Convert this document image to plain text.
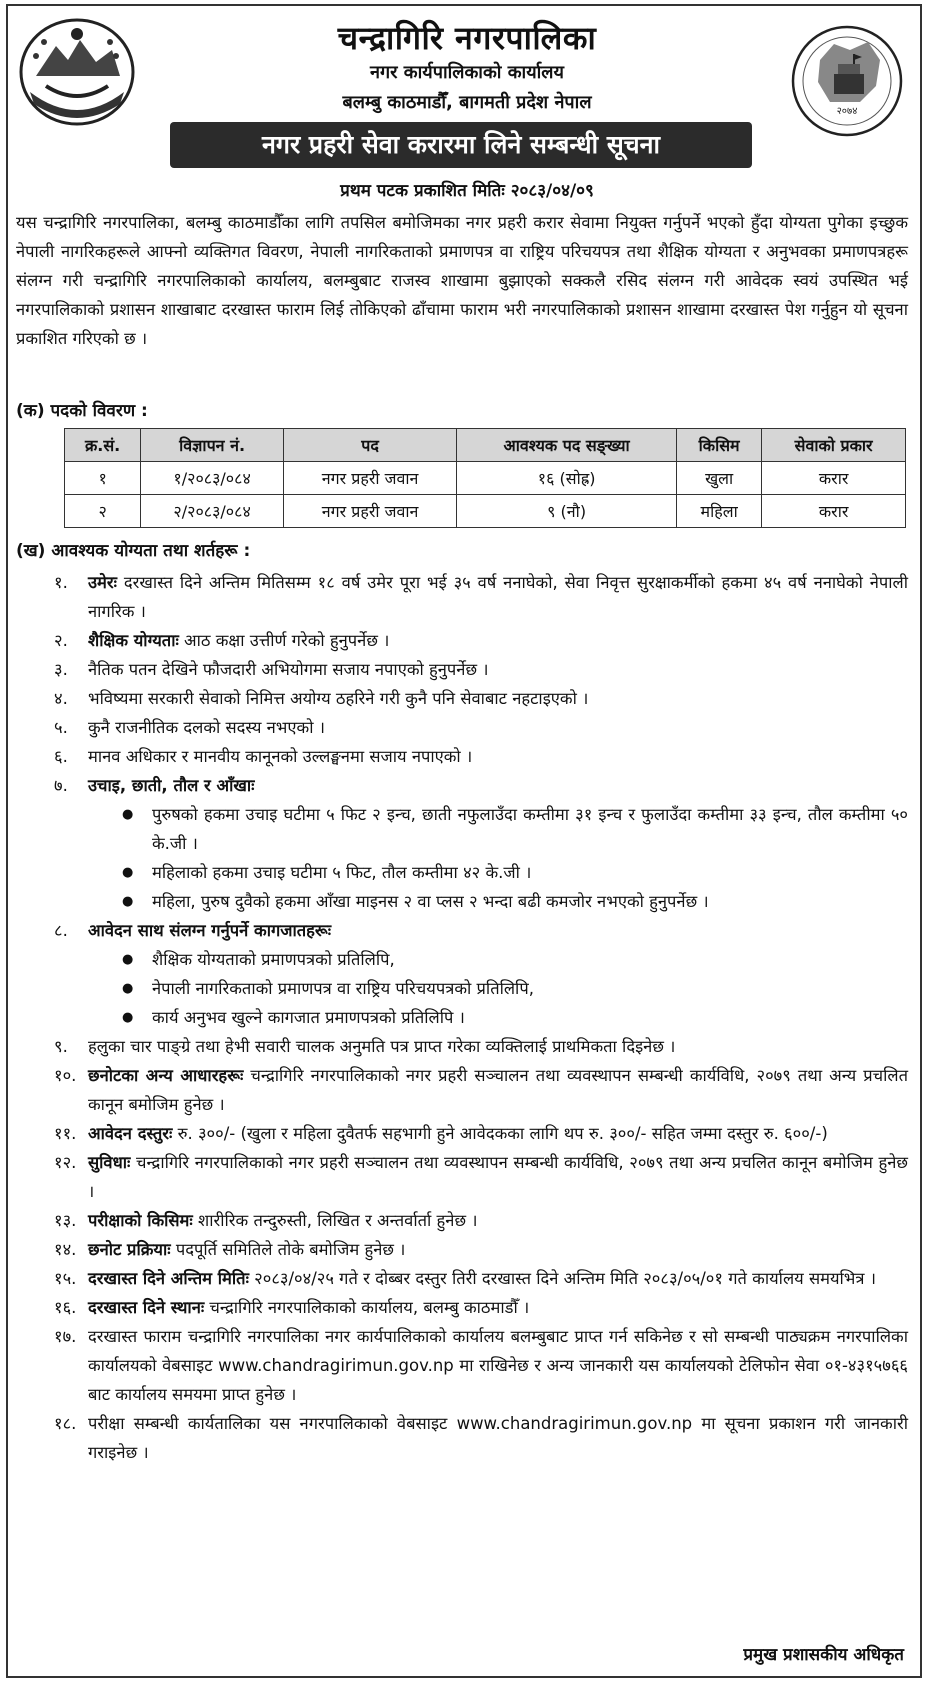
२०७४
चन्द्रागिरि नगरपालिका
नगर कार्यपालिकाको कार्यालय
बलम्बु काठमाडौँ, बागमती प्रदेश नेपाल
नगर प्रहरी सेवा करारमा लिने सम्बन्धी सूचना
प्रथम पटक प्रकाशित मितिः २०८३/०४/०९
यस चन्द्रागिरि नगरपालिका, बलम्बु काठमाडौँका लागि तपसिल बमोजिमका नगर प्रहरी करार सेवामा नियुक्त गर्नुपर्ने भएको हुँदा योग्यता पुगेका इच्छुक नेपाली नागरिकहरूले आफ्नो व्यक्तिगत विवरण, नेपाली नागरिकताको प्रमाणपत्र वा राष्ट्रिय परिचयपत्र तथा शैक्षिक योग्यता र अनुभवका प्रमाणपत्रहरू संलग्न गरी चन्द्रागिरि नगरपालिकाको कार्यालय, बलम्बुबाट राजस्व शाखामा बुझाएको सक्कलै रसिद संलग्न गरी आवेदक स्वयं उपस्थित भई नगरपालिकाको प्रशासन शाखाबाट दरखास्त फाराम लिई तोकिएको ढाँचामा फाराम भरी नगरपालिकाको प्रशासन शाखामा दरखास्त पेश गर्नुहुन यो सूचना प्रकाशित गरिएको छ ।
(क) पदको विवरण :
क्र.सं.	विज्ञापन नं.	पद	आवश्यक पद सङ्ख्या	किसिम	सेवाको प्रकार
१	१/२०८३/०८४	नगर प्रहरी जवान	१६ (सोह्र)	खुला	करार
२	२/२०८३/०८४	नगर प्रहरी जवान	९ (नौ)	महिला	करार
(ख) आवश्यक योग्यता तथा शर्तहरू :
१. उमेरः दरखास्त दिने अन्तिम मितिसम्म १८ वर्ष उमेर पूरा भई ३५ वर्ष ननाघेको, सेवा निवृत्त सुरक्षाकर्मीको हकमा ४५ वर्ष ननाघेको नेपाली नागरिक ।
२. शैक्षिक योग्यताः आठ कक्षा उत्तीर्ण गरेको हुनुपर्नेछ ।
३. नैतिक पतन देखिने फौजदारी अभियोगमा सजाय नपाएको हुनुपर्नेछ ।
४. भविष्यमा सरकारी सेवाको निमित्त अयोग्य ठहरिने गरी कुनै पनि सेवाबाट नहटाइएको ।
५. कुनै राजनीतिक दलको सदस्य नभएको ।
६. मानव अधिकार र मानवीय कानूनको उल्लङ्घनमा सजाय नपाएको ।
७. उचाइ, छाती, तौल र आँखाः
● पुरुषको हकमा उचाइ घटीमा ५ फिट २ इन्च, छाती नफुलाउँदा कम्तीमा ३१ इन्च र फुलाउँदा कम्तीमा ३३ इन्च, तौल कम्तीमा ५० के.जी ।
● महिलाको हकमा उचाइ घटीमा ५ फिट, तौल कम्तीमा ४२ के.जी ।
● महिला, पुरुष दुवैको हकमा आँखा माइनस २ वा प्लस २ भन्दा बढी कमजोर नभएको हुनुपर्नेछ ।
८. आवेदन साथ संलग्न गर्नुपर्ने कागजातहरूः
● शैक्षिक योग्यताको प्रमाणपत्रको प्रतिलिपि,
● नेपाली नागरिकताको प्रमाणपत्र वा राष्ट्रिय परिचयपत्रको प्रतिलिपि,
● कार्य अनुभव खुल्ने कागजात प्रमाणपत्रको प्रतिलिपि ।
९. हलुका चार पाङ्ग्रे तथा हेभी सवारी चालक अनुमति पत्र प्राप्त गरेका व्यक्तिलाई प्राथमिकता दिइनेछ ।
१०. छनोटका अन्य आधारहरूः चन्द्रागिरि नगरपालिकाको नगर प्रहरी सञ्चालन तथा व्यवस्थापन सम्बन्धी कार्यविधि, २०७९ तथा अन्य प्रचलित कानून बमोजिम हुनेछ ।
११. आवेदन दस्तुरः रु. ३००/- (खुला र महिला दुवैतर्फ सहभागी हुने आवेदकका लागि थप रु. ३००/- सहित जम्मा दस्तुर रु. ६००/-)
१२. सुविधाः चन्द्रागिरि नगरपालिकाको नगर प्रहरी सञ्चालन तथा व्यवस्थापन सम्बन्धी कार्यविधि, २०७९ तथा अन्य प्रचलित कानून बमोजिम हुनेछ ।
१३. परीक्षाको किसिमः शारीरिक तन्दुरुस्ती, लिखित र अन्तर्वार्ता हुनेछ ।
१४. छनोट प्रक्रियाः पदपूर्ति समितिले तोके बमोजिम हुनेछ ।
१५. दरखास्त दिने अन्तिम मितिः २०८३/०४/२५ गते र दोब्बर दस्तुर तिरी दरखास्त दिने अन्तिम मिति २०८३/०५/०१ गते कार्यालय समयभित्र ।
१६. दरखास्त दिने स्थानः चन्द्रागिरि नगरपालिकाको कार्यालय, बलम्बु काठमाडौँ ।
१७. दरखास्त फाराम चन्द्रागिरि नगरपालिका नगर कार्यपालिकाको कार्यालय बलम्बुबाट प्राप्त गर्न सकिनेछ र सो सम्बन्धी पाठ्यक्रम नगरपालिका कार्यालयको वेबसाइट www.chandragirimun.gov.np मा राखिनेछ र अन्य जानकारी यस कार्यालयको टेलिफोन सेवा ०१-४३१५७६६ बाट कार्यालय समयमा प्राप्त हुनेछ ।
१८. परीक्षा सम्बन्धी कार्यतालिका यस नगरपालिकाको वेबसाइट www.chandragirimun.gov.np मा सूचना प्रकाशन गरी जानकारी गराइनेछ ।
प्रमुख प्रशासकीय अधिकृत
